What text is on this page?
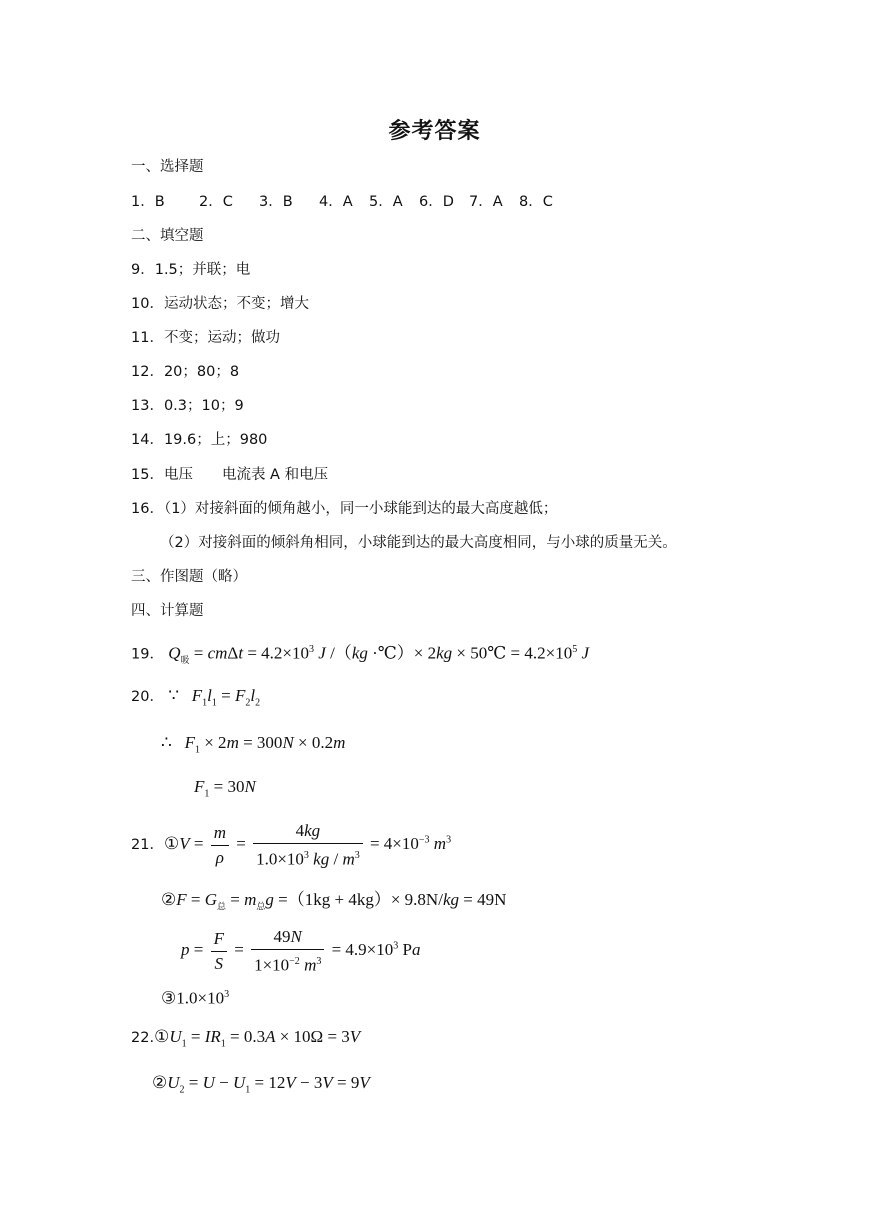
参考答案
一、选择题
1．B 2．C 3．B 4．A 5．A 6．D 7．A 8．C
二、填空题
9．1.5；并联；电
10．运动状态；不变；增大
11．不变；运动；做功
12．20；80；8
13．0.3；10；9
14．19.6；上；980
15．电压　　电流表 A 和电压
16．（1）对接斜面的倾角越小，同一小球能到达的最大高度越低；
（2）对接斜面的倾斜角相同，小球能到达的最大高度相同，与小球的质量无关。
三、作图题（略）
四、计算题
19． $Q_吸 = cm\Delta t = 4.2\times 10^3$ J /（kg ·℃）× 2kg × 50℃ = $4.2\times 10^5$ J
20． ∵ $F_1l_1 = F_2l_2$
∴ $F_1 \times 2m = 300N \times 0.2m$
$F_1 = 30N$
21．①V = $\frac{m}{\rho} = \frac{4kg}{1.0\times 10^3 kg / m^3} = 4\times 10^{-3}$ $m^3$
②F = $G_总 = m_总g =(1kg + 4kg)\times 9.8N/kg = 49N$
$p = \frac{F}{S} = \frac{49N}{1\times 10^{-2} m^3} = 4.9\times 10^3$ Pa
$③1.0\times 10^3$
$22.①U_1 = IR_1 = 0.3A \times 10\Omega = 3V$
$②U_2 = U - U_1 = 12V - 3V = 9V$
